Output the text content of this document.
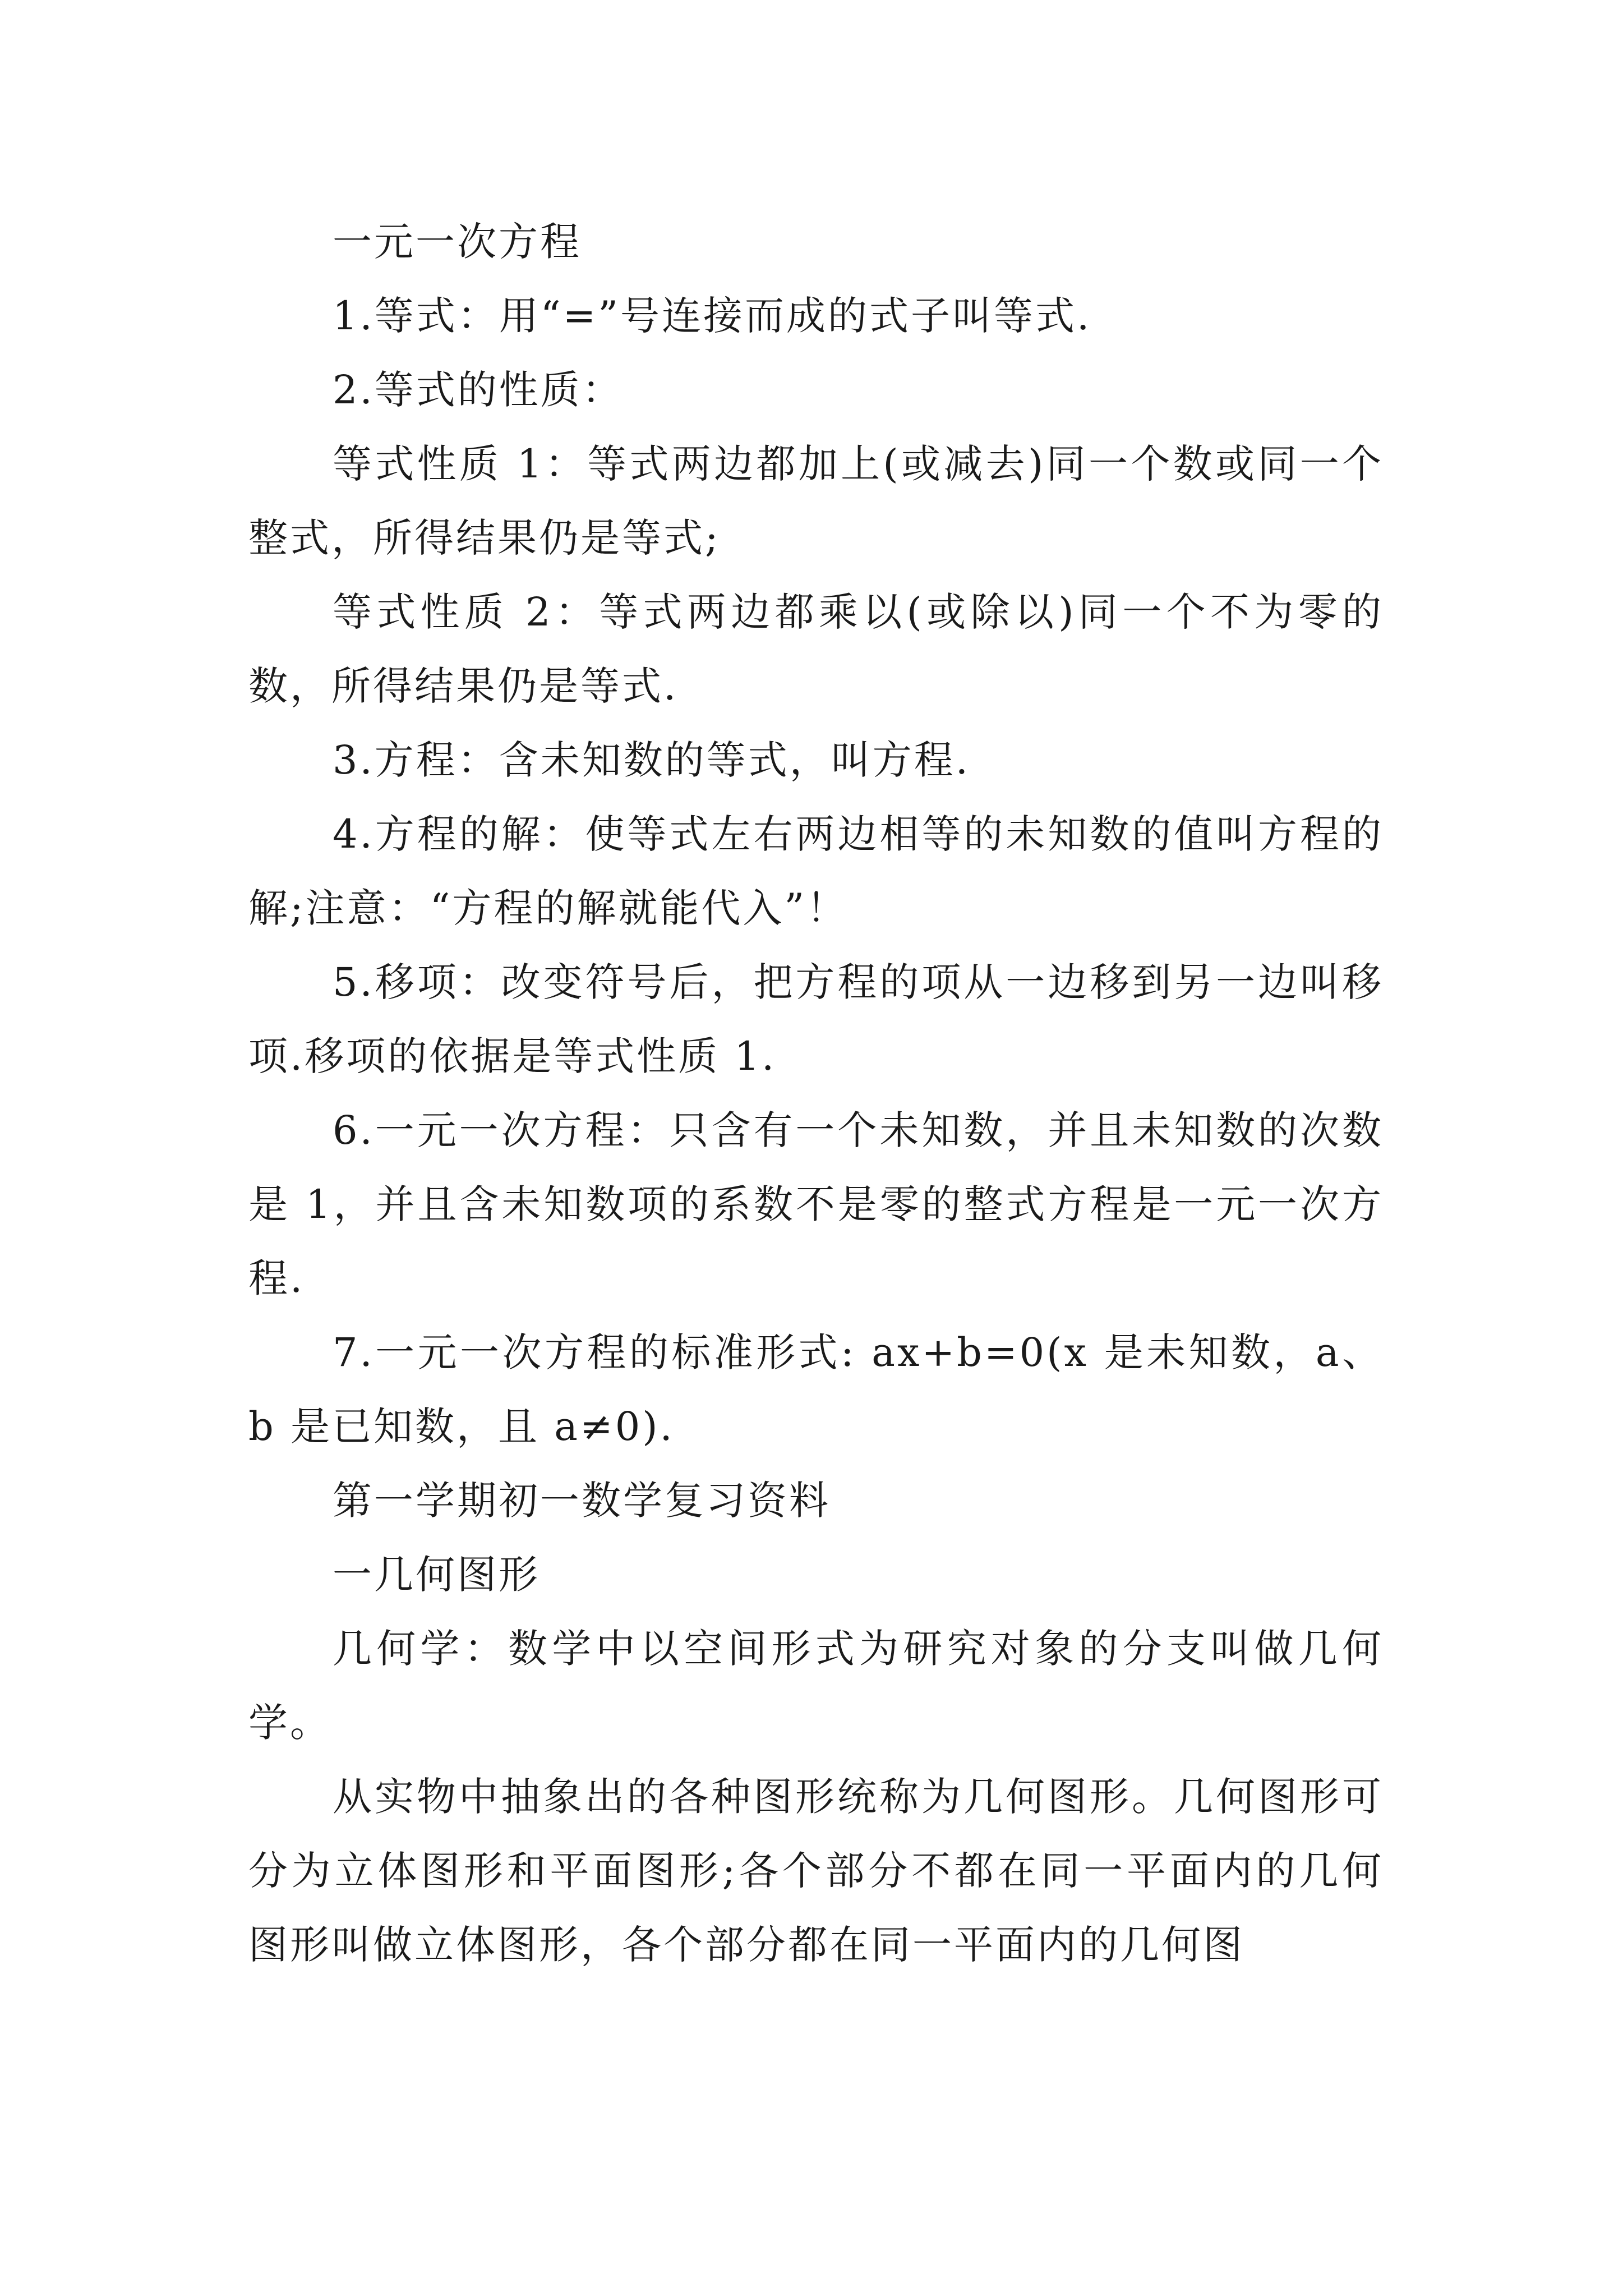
一元一次方程

1.等式：用“=”号连接而成的式子叫等式.

2.等式的性质：

等式性质 1：等式两边都加上(或减去)同一个数或同一个整式，所得结果仍是等式;

等式性质 2：等式两边都乘以(或除以)同一个不为零的数，所得结果仍是等式.

3.方程：含未知数的等式，叫方程.

4.方程的解：使等式左右两边相等的未知数的值叫方程的解;注意：“方程的解就能代入”！

5.移项：改变符号后，把方程的项从一边移到另一边叫移项.移项的依据是等式性质 1.

6.一元一次方程：只含有一个未知数，并且未知数的次数是 1，并且含未知数项的系数不是零的整式方程是一元一次方程.

7.一元一次方程的标准形式: ax+b=0(x 是未知数，a、b 是已知数，且 a≠0).

第一学期初一数学复习资料

一几何图形

几何学：数学中以空间形式为研究对象的分支叫做几何学。

从实物中抽象出的各种图形统称为几何图形。几何图形可分为立体图形和平面图形;各个部分不都在同一平面内的几何图形叫做立体图形，各个部分都在同一平面内的几何图
